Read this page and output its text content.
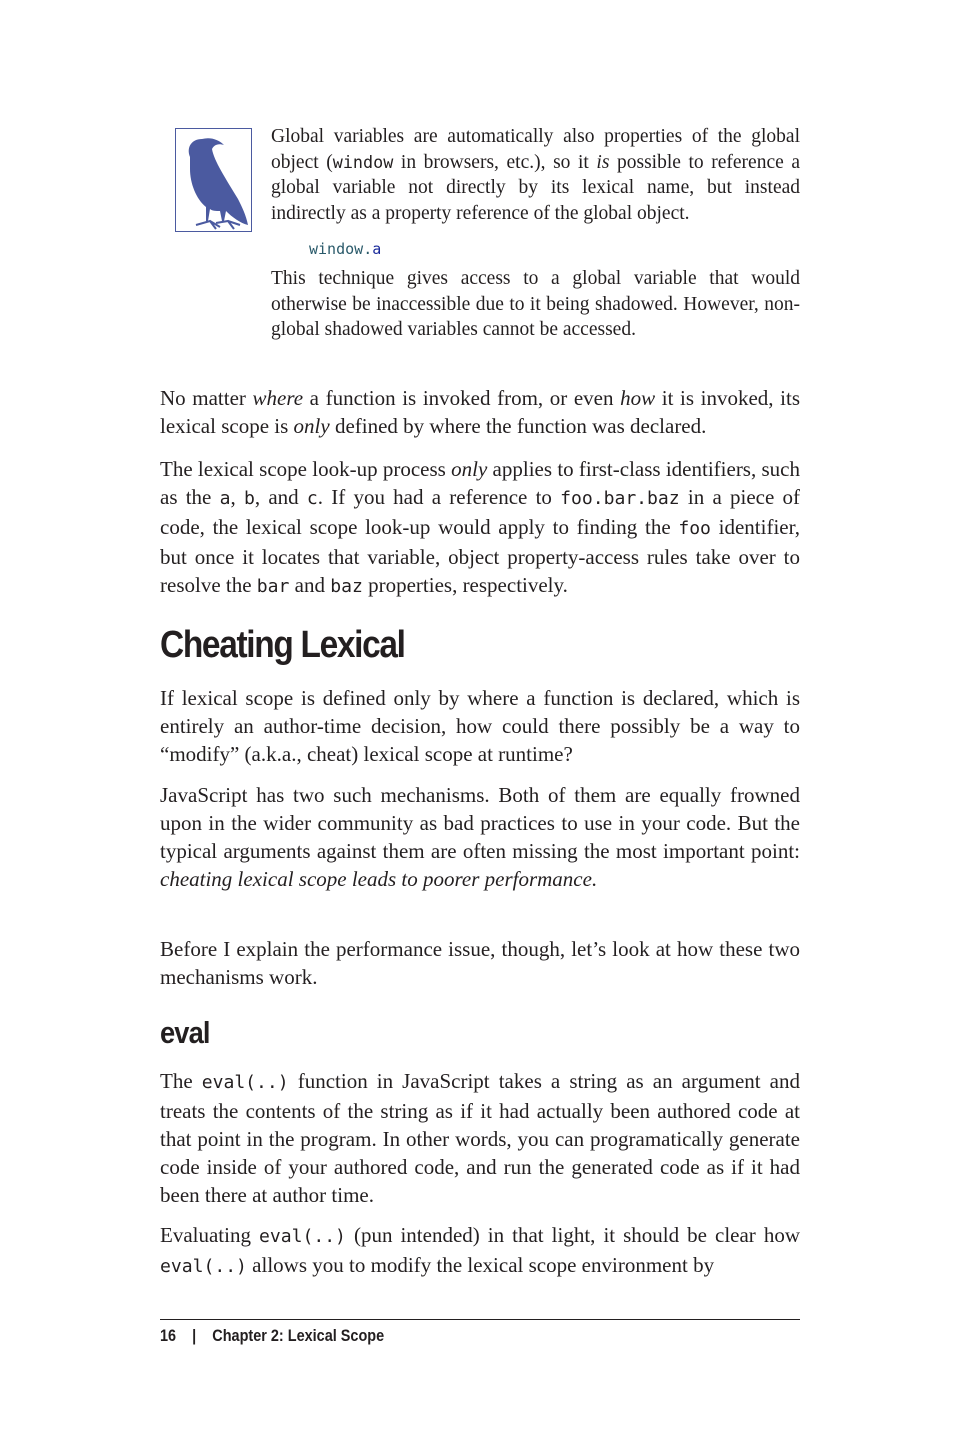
Global variables are automatically also properties of the global object (window in browsers, etc.), so it is possible to reference a global variable not directly by its lexical name, but instead indirectly as a property reference of the global object.

window.a

This technique gives access to a global variable that would otherwise be inaccessible due to it being shadowed. However, non-global shadowed variables cannot be accessed.

No matter where a function is invoked from, or even how it is invoked, its lexical scope is only defined by where the function was declared.

The lexical scope look-up process only applies to first-class identifiers, such as the a, b, and c. If you had a reference to foo.bar.baz in a piece of code, the lexical scope look-up would apply to finding the foo identifier, but once it locates that variable, object property-access rules take over to resolve the bar and baz properties, respectively.

Cheating Lexical

If lexical scope is defined only by where a function is declared, which is entirely an author-time decision, how could there possibly be a way to “modify” (a.k.a., cheat) lexical scope at runtime?

JavaScript has two such mechanisms. Both of them are equally frowned upon in the wider community as bad practices to use in your code. But the typical arguments against them are often missing the most important point: cheating lexical scope leads to poorer performance.

Before I explain the performance issue, though, let’s look at how these two mechanisms work.

eval

The eval(..) function in JavaScript takes a string as an argument and treats the contents of the string as if it had actually been authored code at that point in the program. In other words, you can programatically generate code inside of your authored code, and run the generated code as if it had been there at author time.

Evaluating eval(..) (pun intended) in that light, it should be clear how eval(..) allows you to modify the lexical scope environment by

16 | Chapter 2: Lexical Scope
